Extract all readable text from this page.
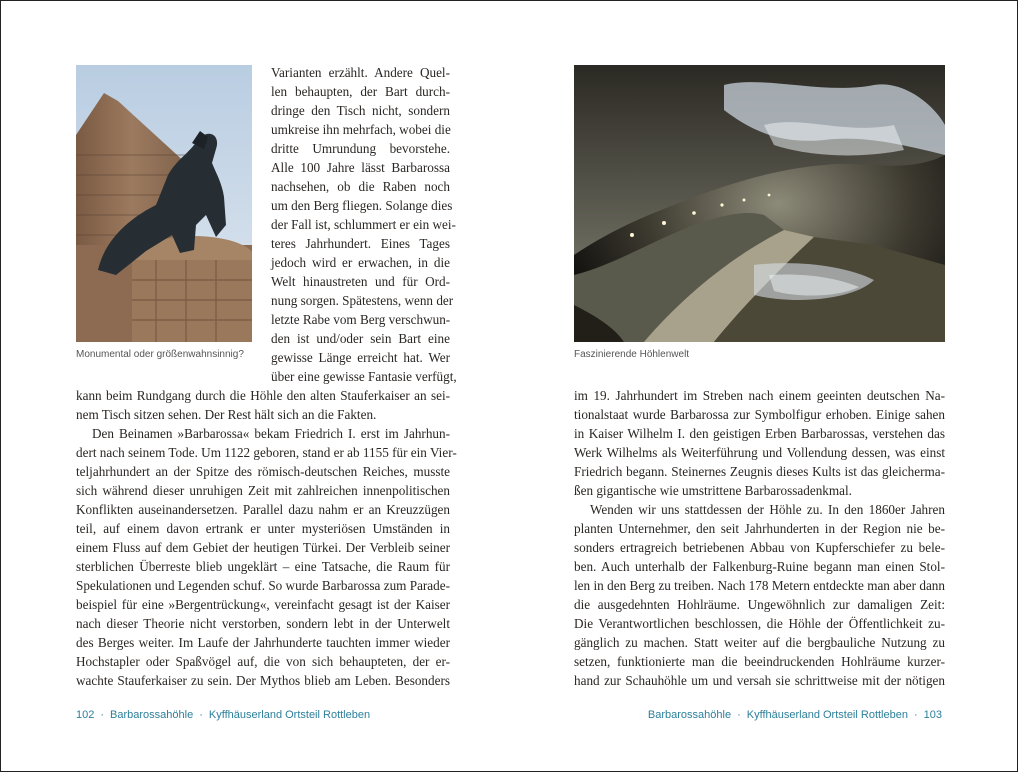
Monumental oder größenwahnsinnig?
Varianten erzählt. Andere Quel-
len behaupten, der Bart durch-
dringe den Tisch nicht, sondern
umkreise ihn mehrfach, wobei die
dritte Umrundung bevorstehe.
Alle 100 Jahre lässt Barbarossa
nachsehen, ob die Raben noch
um den Berg fliegen. Solange dies
der Fall ist, schlummert er ein wei-
teres Jahrhundert. Eines Tages
jedoch wird er erwachen, in die
Welt hinaustreten und für Ord-
nung sorgen. Spätestens, wenn der
letzte Rabe vom Berg verschwun-
den ist und/oder sein Bart eine
gewisse Länge erreicht hat. Wer
über eine gewisse Fantasie verfügt,
kann beim Rundgang durch die Höhle den alten Stauferkaiser an sei-
nem Tisch sitzen sehen. Der Rest hält sich an die Fakten.
Den Beinamen »Barbarossa« bekam Friedrich I. erst im Jahrhun-
dert nach seinem Tode. Um 1122 geboren, stand er ab 1155 für ein Vier-
teljahrhundert an der Spitze des römisch-deutschen Reiches, musste
sich während dieser unruhigen Zeit mit zahlreichen innenpolitischen
Konflikten auseinandersetzen. Parallel dazu nahm er an Kreuzzügen
teil, auf einem davon ertrank er unter mysteriösen Umständen in
einem Fluss auf dem Gebiet der heutigen Türkei. Der Verbleib seiner
sterblichen Überreste blieb ungeklärt – eine Tatsache, die Raum für
Spekulationen und Legenden schuf. So wurde Barbarossa zum Parade-
beispiel für eine »Bergentrückung«, vereinfacht gesagt ist der Kaiser
nach dieser Theorie nicht verstorben, sondern lebt in der Unterwelt
des Berges weiter. Im Laufe der Jahrhunderte tauchten immer wieder
Hochstapler oder Spaßvögel auf, die von sich behaupteten, der er-
wachte Stauferkaiser zu sein. Der Mythos blieb am Leben. Besonders
102 · Barbarossahöhle · Kyffhäuserland Ortsteil Rottleben
Faszinierende Höhlenwelt
im 19. Jahrhundert im Streben nach einem geeinten deutschen Na-
tionalstaat wurde Barbarossa zur Symbolfigur erhoben. Einige sahen
in Kaiser Wilhelm I. den geistigen Erben Barbarossas, verstehen das
Werk Wilhelms als Weiterführung und Vollendung dessen, was einst
Friedrich begann. Steinernes Zeugnis dieses Kults ist das gleicherma-
ßen gigantische wie umstrittene Barbarossadenkmal.
Wenden wir uns stattdessen der Höhle zu. In den 1860er Jahren
planten Unternehmer, den seit Jahrhunderten in der Region nie be-
sonders ertragreich betriebenen Abbau von Kupferschiefer zu bele-
ben. Auch unterhalb der Falkenburg-Ruine begann man einen Stol-
len in den Berg zu treiben. Nach 178 Metern entdeckte man aber dann
die ausgedehnten Hohlräume. Ungewöhnlich zur damaligen Zeit:
Die Verantwortlichen beschlossen, die Höhle der Öffentlichkeit zu-
gänglich zu machen. Statt weiter auf die bergbauliche Nutzung zu
setzen, funktionierte man die beeindruckenden Hohlräume kurzer-
hand zur Schauhöhle um und versah sie schrittweise mit der nötigen
Barbarossahöhle · Kyffhäuserland Ortsteil Rottleben · 103
